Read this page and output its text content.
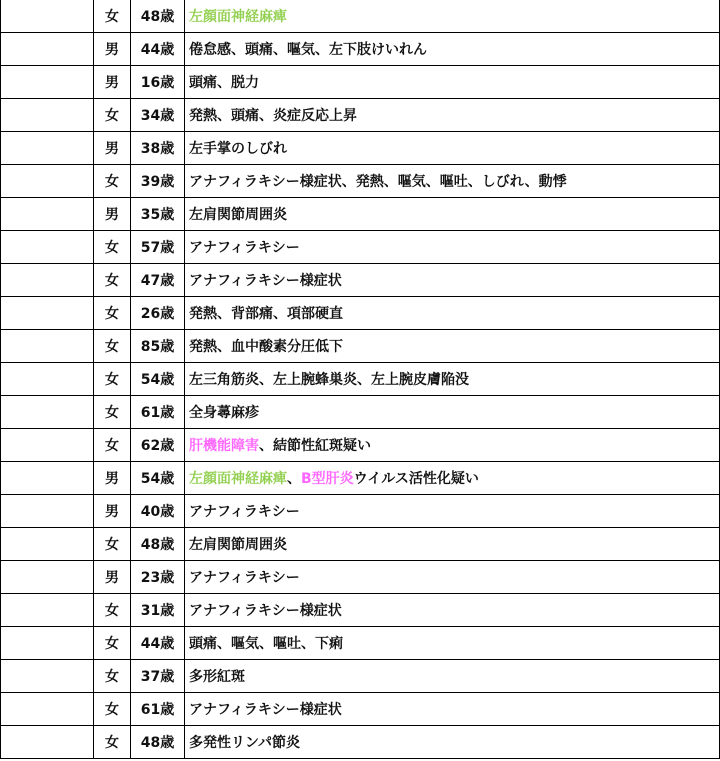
	女	48歳	左顔面神経麻痺
	男	44歳	倦怠感、頭痛、嘔気、左下肢けいれん
	男	16歳	頭痛、脱力
	女	34歳	発熱、頭痛、炎症反応上昇
	男	38歳	左手掌のしびれ
	女	39歳	アナフィラキシー様症状、発熱、嘔気、嘔吐、しびれ、動悸
	男	35歳	左肩関節周囲炎
	女	57歳	アナフィラキシー
	女	47歳	アナフィラキシー様症状
	女	26歳	発熱、背部痛、項部硬直
	女	85歳	発熱、血中酸素分圧低下
	女	54歳	左三角筋炎、左上腕蜂巣炎、左上腕皮膚陥没
	女	61歳	全身蕁麻疹
	女	62歳	肝機能障害、結節性紅斑疑い
	男	54歳	左顔面神経麻痺、B型肝炎ウイルス活性化疑い
	男	40歳	アナフィラキシー
	女	48歳	左肩関節周囲炎
	男	23歳	アナフィラキシー
	女	31歳	アナフィラキシー様症状
	女	44歳	頭痛、嘔気、嘔吐、下痢
	女	37歳	多形紅斑
	女	61歳	アナフィラキシー様症状
	女	48歳	多発性リンパ節炎
